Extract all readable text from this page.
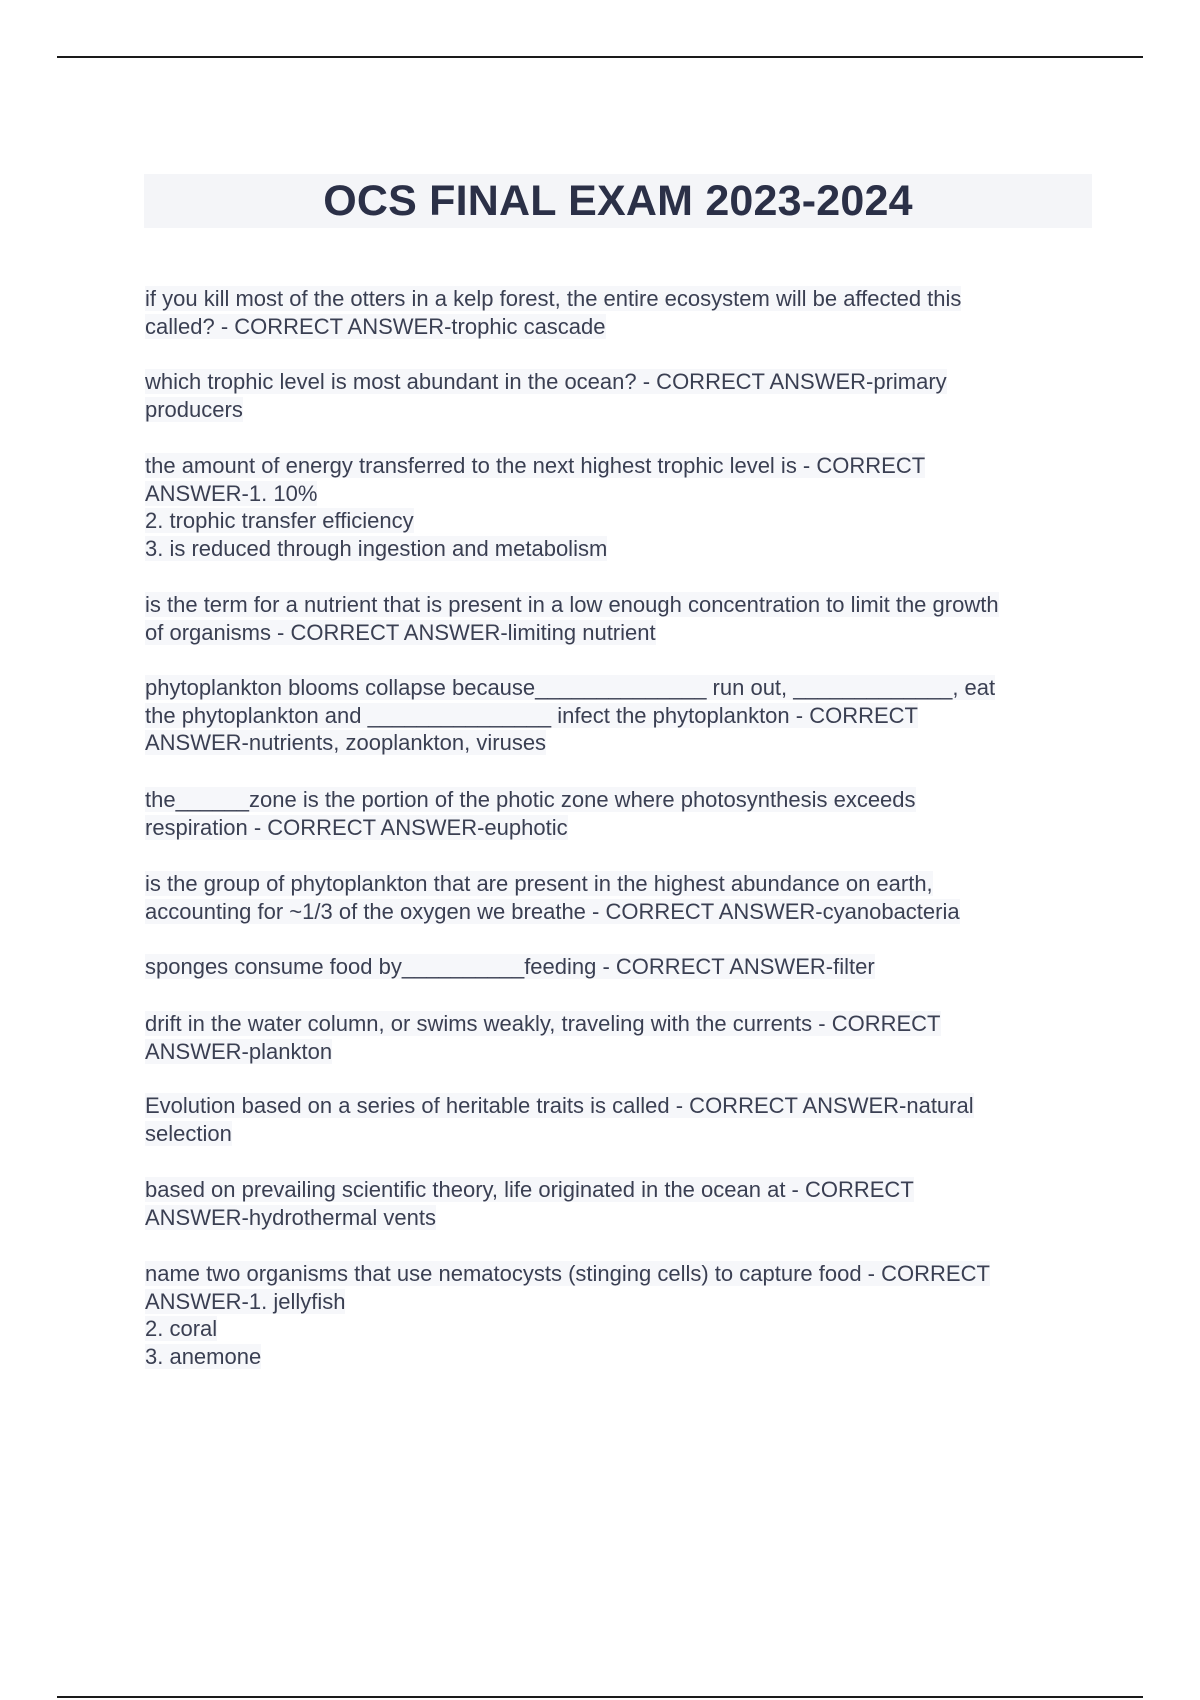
OCS FINAL EXAM 2023-2024

if you kill most of the otters in a kelp forest, the entire ecosystem will be affected this
called? - CORRECT ANSWER-trophic cascade

which trophic level is most abundant in the ocean? - CORRECT ANSWER-primary
producers

the amount of energy transferred to the next highest trophic level is - CORRECT
ANSWER-1. 10%
2. trophic transfer efficiency
3. is reduced through ingestion and metabolism

is the term for a nutrient that is present in a low enough concentration to limit the growth
of organisms - CORRECT ANSWER-limiting nutrient

phytoplankton blooms collapse because______________ run out, _____________, eat
the phytoplankton and _______________ infect the phytoplankton - CORRECT
ANSWER-nutrients, zooplankton, viruses

the______zone is the portion of the photic zone where photosynthesis exceeds
respiration - CORRECT ANSWER-euphotic

is the group of phytoplankton that are present in the highest abundance on earth,
accounting for ~1/3 of the oxygen we breathe - CORRECT ANSWER-cyanobacteria

sponges consume food by__________feeding - CORRECT ANSWER-filter

drift in the water column, or swims weakly, traveling with the currents - CORRECT
ANSWER-plankton

Evolution based on a series of heritable traits is called - CORRECT ANSWER-natural
selection

based on prevailing scientific theory, life originated in the ocean at - CORRECT
ANSWER-hydrothermal vents

name two organisms that use nematocysts (stinging cells) to capture food - CORRECT
ANSWER-1. jellyfish
2. coral
3. anemone
